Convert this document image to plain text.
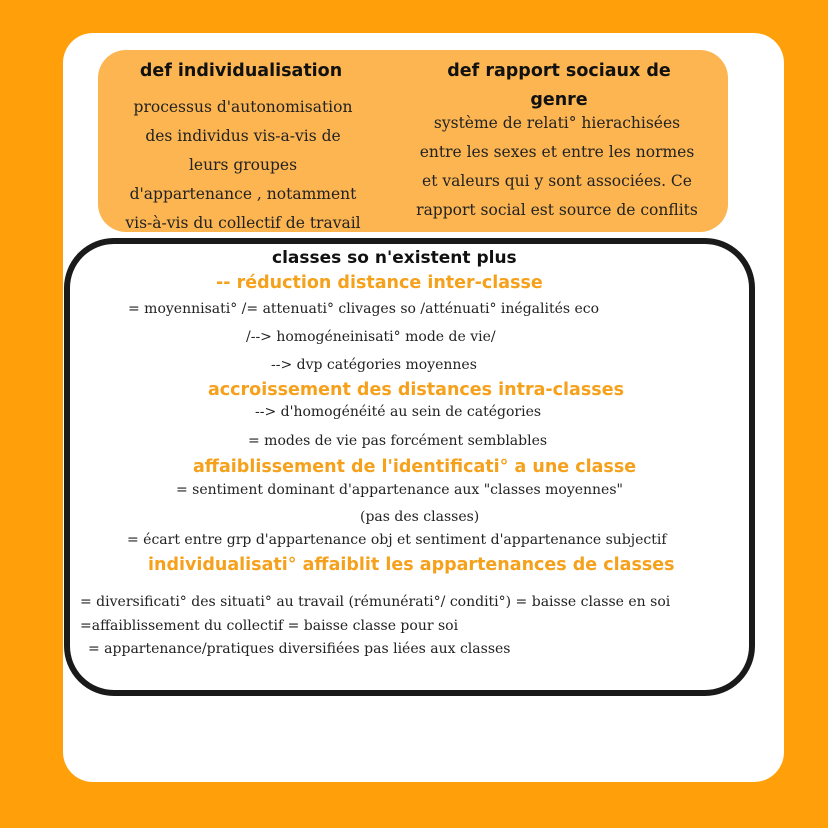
def individualisation
processus d'autonomisation
des individus vis-a-vis de
leurs groupes
d'appartenance , notamment
vis-à-vis du collectif de travail
def rapport sociaux de
genre
système de relati° hierachisées
entre les sexes et entre les normes
et valeurs qui y sont associées. Ce
rapport social est source de conflits
classes so n'existent plus
-- réduction distance inter-classe
= moyennisati° /= attenuati° clivages so /atténuati° inégalités eco
/--> homogéneinisati° mode de vie/
--> dvp catégories moyennes
accroissement des distances intra-classes
--> d'homogénéité au sein de catégories
= modes de vie pas forcément semblables
affaiblissement de l'identificati° a une classe
= sentiment dominant d'appartenance aux "classes moyennes"
(pas des classes)
= écart entre grp d'appartenance obj et sentiment d'appartenance subjectif
individualisati° affaiblit les appartenances de classes
= diversificati° des situati° au travail (rémunérati°/ conditi°) = baisse classe en soi
=affaiblissement du collectif = baisse classe pour soi
= appartenance/pratiques diversifiées pas liées aux classes
